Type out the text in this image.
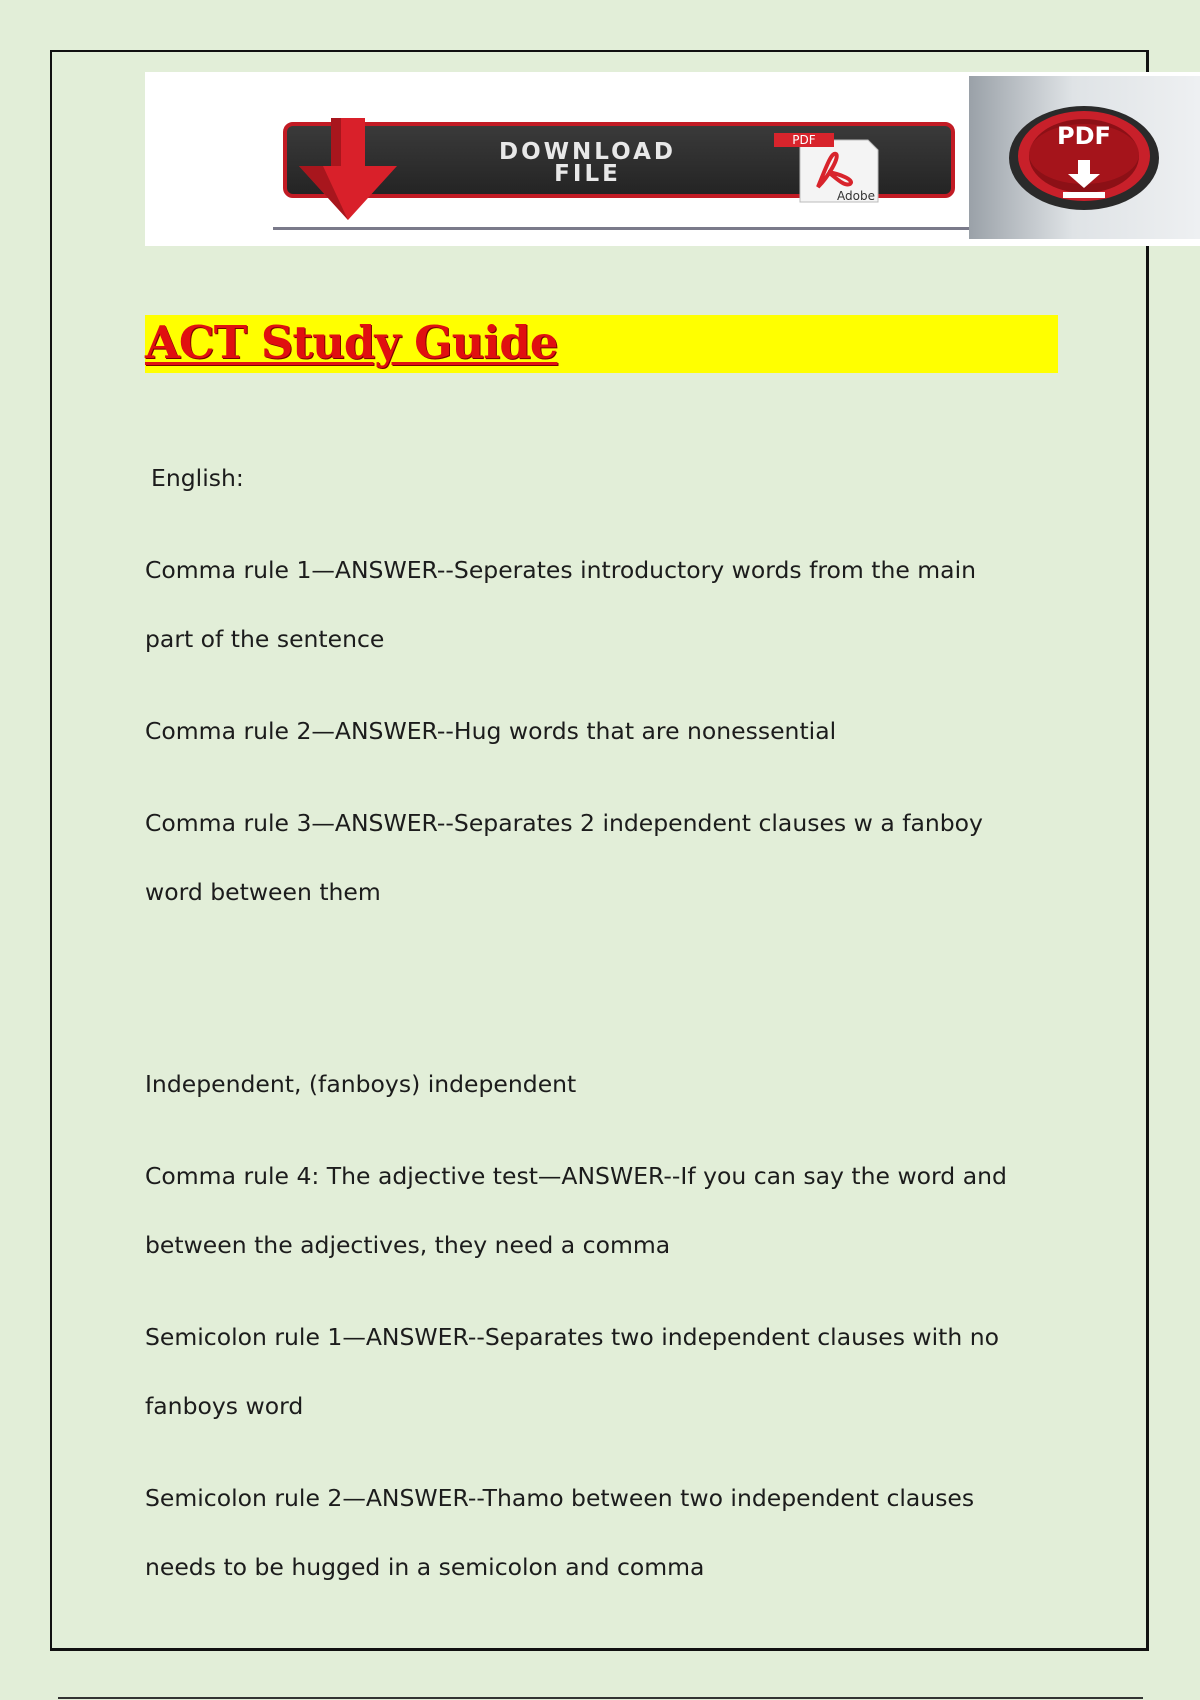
DOWNLOAD
FILE
PDF
Adobe
PDF
ACT Study Guide

English:

Comma rule 1—ANSWER--Seperates introductory words from the main
part of the sentence

Comma rule 2—ANSWER--Hug words that are nonessential

Comma rule 3—ANSWER--Separates 2 independent clauses w a fanboy
word between them

Independent, (fanboys) independent

Comma rule 4: The adjective test—ANSWER--If you can say the word and
between the adjectives, they need a comma

Semicolon rule 1—ANSWER--Separates two independent clauses with no
fanboys word

Semicolon rule 2—ANSWER--Thamo between two independent clauses
needs to be hugged in a semicolon and comma
